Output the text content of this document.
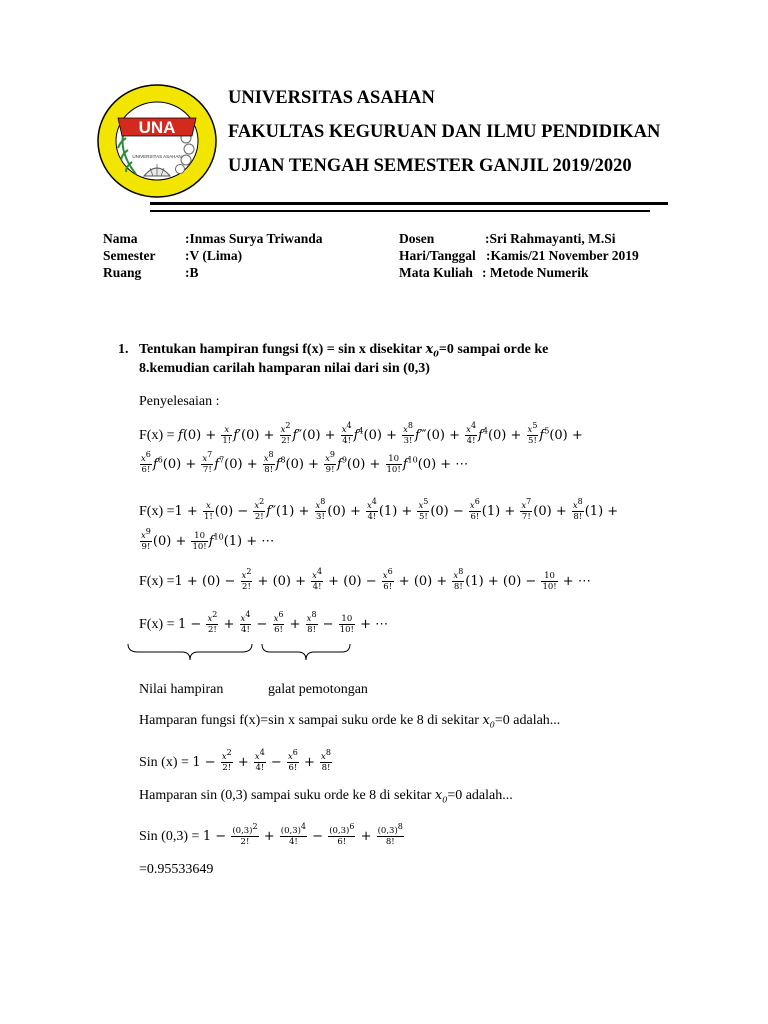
UNA
UNIVERSITAS ASAHAN
UNIVERSITAS ASAHAN
FAKULTAS KEGURUAN DAN ILMU PENDIDIKAN
UJIAN TENGAH SEMESTER GANJIL 2019/2020
Nama	:Inmas Surya Triwanda
Semester :V (Lima)
Ruang	:B
Dosen	:Sri Rahmayanti, M.Si
Hari/Tanggal :Kamis/21 November 2019
Mata Kuliah : Metode Numerik
1. Tentukan hampiran fungsi f(x) = sin x disekitar $x_0=0$ sampai orde ke
8.kemudian carilah hamparan nilai dari sin (0,3)
Penyelesaian :
$F(x) = f(0) + \frac{x}{1!} f'(0) + \frac{x^2}{2!} f''(0) + \frac{x^4}{4!} f^4(0) + \frac{x^8}{3!}$ f‴(0) + $\frac{x^4}{4!} f^4(0) + \frac{x^5}{5!} f^5(0)$ +
$\frac{x^6}{6!} f^6(0) + \frac{x^7}{7!} f^7(0) + \frac{x^8}{8!} f^8(0) + \frac{x^9}{9!} f^9(0) + \frac{10}{10!} f^{10}(0)$ + ⋯
$F(x) =1 + \frac{x}{1!} (0) - \frac{x^2}{2!} f''(1) + \frac{x^8}{3!} (0) + \frac{x^4}{4!} (1) + \frac{x^5}{5!} (0) - \frac{x^6}{6!} (1) + \frac{x^7}{7!} (0) + \frac{x^8}{8!} (1)$ +
$\frac{x^9}{9!} (0) + \frac{10}{10!} f^{10}(1)$ + ⋯
$F(x) =1 + (0) - \frac{x^2}{2!} + (0) + \frac{x^4}{4!} + (0) - \frac{x^6}{6!} + (0) + \frac{x^8}{8!} (1) + (0) - \frac{10}{10!}$ + ⋯
$F(x) = 1 - \frac{x^2}{2!} + \frac{x^4}{4!} - \frac{x^6}{6!} + \frac{x^8}{8!} - \frac{10}{10!}$ + ⋯
Nilai hampiran	galat pemotongan
Hamparan fungsi f(x)=sin x sampai suku orde ke 8 di sekitar $x_0=0$ adalah...
Sin $(x) = 1 - \frac{x^2}{2!} + \frac{x^4}{4!} - \frac{x^6}{6!} + \frac{x^8}{8!}$
Hamparan sin (0,3) sampai suku orde ke 8 di sekitar $x_0=0$ adalah...
Sin $(0,3) = 1 - \frac{(0,3)^2}{2!} + \frac{(0,3)^4}{4!} - \frac{(0,3)^6}{6!} + \frac{(0,3)^8}{8!}$
=0.95533649
